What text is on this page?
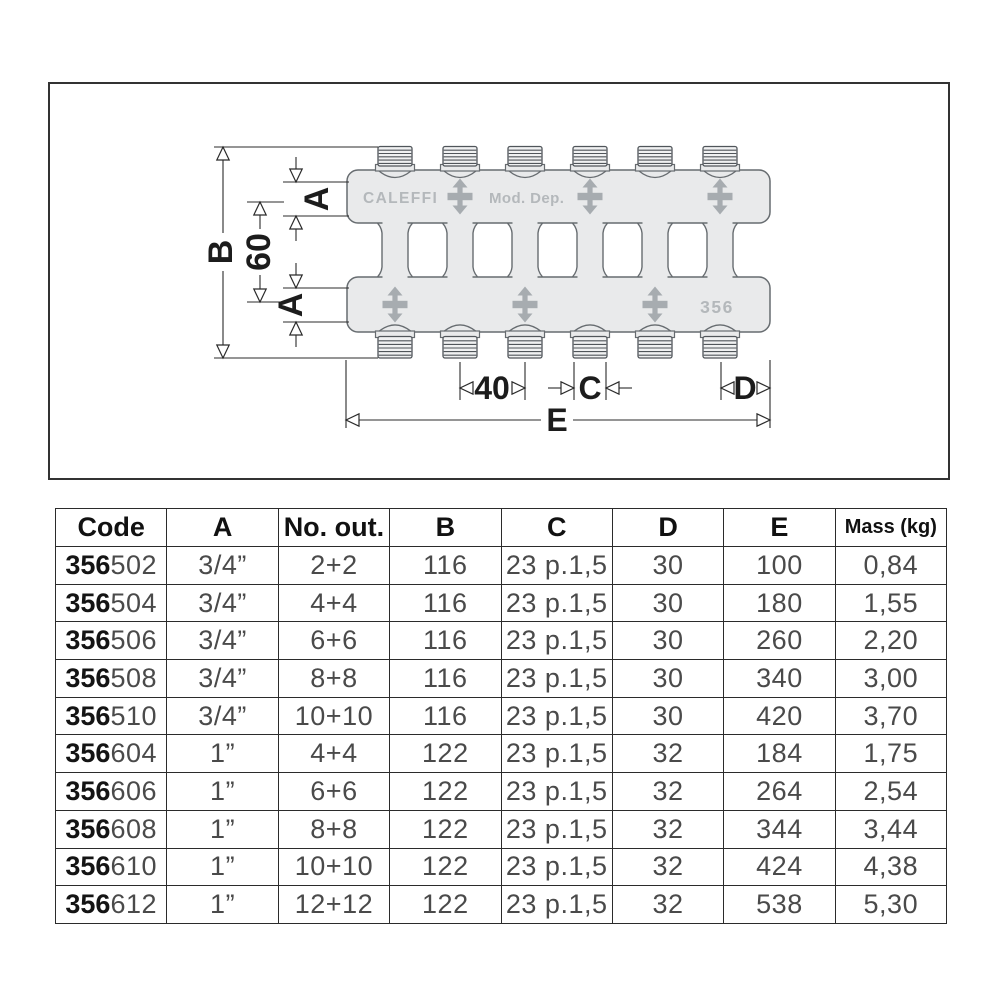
CALEFFI	Mod. Dep.
356
B 60
A
A
40 C	D
E
Code	A	No. out.	B	C	D	E	Mass (kg)
356502	3/4”	2+2	116	23 p.1,5	30	100	0,84
356504	3/4”	4+4	116	23 p.1,5	30	180	1,55
356506	3/4”	6+6	116	23 p.1,5	30	260	2,20
356508	3/4”	8+8	116	23 p.1,5	30	340	3,00
356510	3/4”	10+10	116	23 p.1,5	30	420	3,70
356604	1”	4+4	122	23 p.1,5	32	184	1,75
356606	1”	6+6	122	23 p.1,5	32	264	2,54
356608	1”	8+8	122	23 p.1,5	32	344	3,44
356610	1”	10+10	122	23 p.1,5	32	424	4,38
356612	1”	12+12	122	23 p.1,5	32	538	5,30
